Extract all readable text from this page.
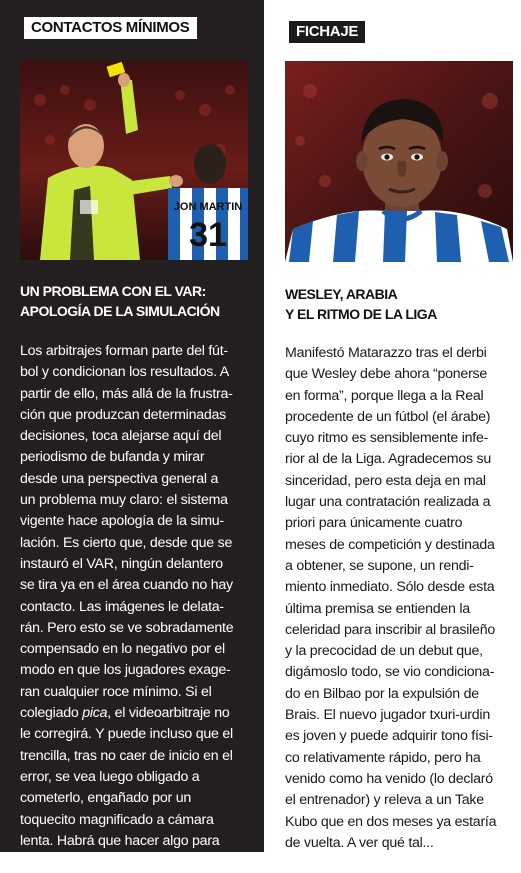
CONTACTOS MÍNIMOS
JON MARTIN
31
UN PROBLEMA CON EL VAR:
APOLOGÍA DE LA SIMULACIÓN
Los arbitrajes forman parte del fút-
bol y condicionan los resultados. A
partir de ello, más allá de la frustra-
ción que produzcan determinadas
decisiones, toca alejarse aquí del
periodismo de bufanda y mirar
desde una perspectiva general a
un problema muy claro: el sistema
vigente hace apología de la simu-
lación. Es cierto que, desde que se
instauró el VAR, ningún delantero
se tira ya en el área cuando no hay
contacto. Las imágenes le delata-
rán. Pero esto se ve sobradamente
compensado en lo negativo por el
modo en que los jugadores exage-
ran cualquier roce mínimo. Si el
colegiado pica, el videoarbitraje no
le corregirá. Y puede incluso que el
trencilla, tras no caer de inicio en el
error, se vea luego obligado a
cometerlo, engañado por un
toquecito magnificado a cámara
lenta. Habrá que hacer algo para
no incentivar a los tramposos.
FICHAJE
WESLEY, ARABIA
Y EL RITMO DE LA LIGA
Manifestó Matarazzo tras el derbi
que Wesley debe ahora “ponerse
en forma”, porque llega a la Real
procedente de un fútbol (el árabe)
cuyo ritmo es sensiblemente infe-
rior al de la Liga. Agradecemos su
sinceridad, pero esta deja en mal
lugar una contratación realizada a
priori para únicamente cuatro
meses de competición y destinada
a obtener, se supone, un rendi-
miento inmediato. Sólo desde esta
última premisa se entienden la
celeridad para inscribir al brasileño
y la precocidad de un debut que,
digámoslo todo, se vio condiciona-
do en Bilbao por la expulsión de
Brais. El nuevo jugador txuri-urdin
es joven y puede adquirir tono físi-
co relativamente rápido, pero ha
venido como ha venido (lo declaró
el entrenador) y releva a un Take
Kubo que en dos meses ya estaría
de vuelta. A ver qué tal...
